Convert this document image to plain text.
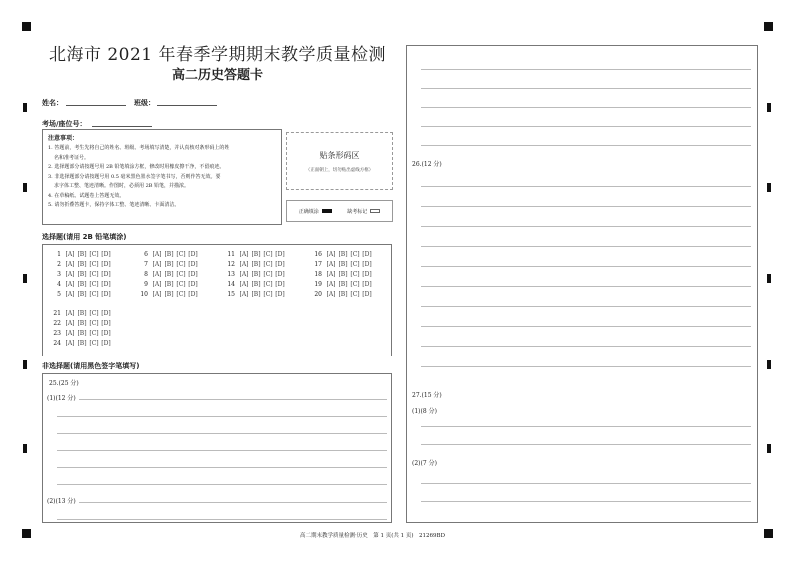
北海市 2021 年春季学期期末教学质量检测
高二历史答题卡
姓名：	班级：
考场/座位号：
注意事项：
1. 答题前，考生先将自己的姓名、班级、考场填写清楚，并认真核对条形码上的姓
名和准考证号。
2. 选择题部分请按题号用 2B 铅笔填涂方框，修改时用橡皮擦干净，不留痕迹。
3. 非选择题部分请按题号用 0.5 毫米黑色墨水签字笔书写，否则作答无效。要
求字体工整、笔迹清晰。作图时，必须用 2B 铅笔，并描浓。
4. 在草稿纸、试题卷上答题无效。
5. 请勿折叠答题卡，保持字体工整、笔迹清晰、卡面清洁。
贴条形码区
（正面朝上，切勿贴出虚线方框）
正确填涂	缺考标记
选择题(请用 2B 铅笔填涂)
1 [A] [B] [C] [D]
2 [A] [B] [C] [D]
3 [A] [B] [C] [D]
4 [A] [B] [C] [D]
5 [A] [B] [C] [D]
6 [A] [B] [C] [D]
7 [A] [B] [C] [D]
8 [A] [B] [C] [D]
9 [A] [B] [C] [D]
10 [A] [B] [C] [D]
11 [A] [B] [C] [D]
12 [A] [B] [C] [D]
13 [A] [B] [C] [D]
14 [A] [B] [C] [D]
15 [A] [B] [C] [D]
16 [A] [B] [C] [D]
17 [A] [B] [C] [D]
18 [A] [B] [C] [D]
19 [A] [B] [C] [D]
20 [A] [B] [C] [D]
21 [A] [B] [C] [D]
22 [A] [B] [C] [D]
23 [A] [B] [C] [D]
24 [A] [B] [C] [D]
非选择题(请用黑色签字笔填写)
25.(25 分)
(1)(12 分)
(2)(13 分)
26.(12 分)
27.(15 分)
(1)(8 分)
(2)(7 分)
高二期末教学质量检测·历史　第 1 页(共 1 页)　21269BD
